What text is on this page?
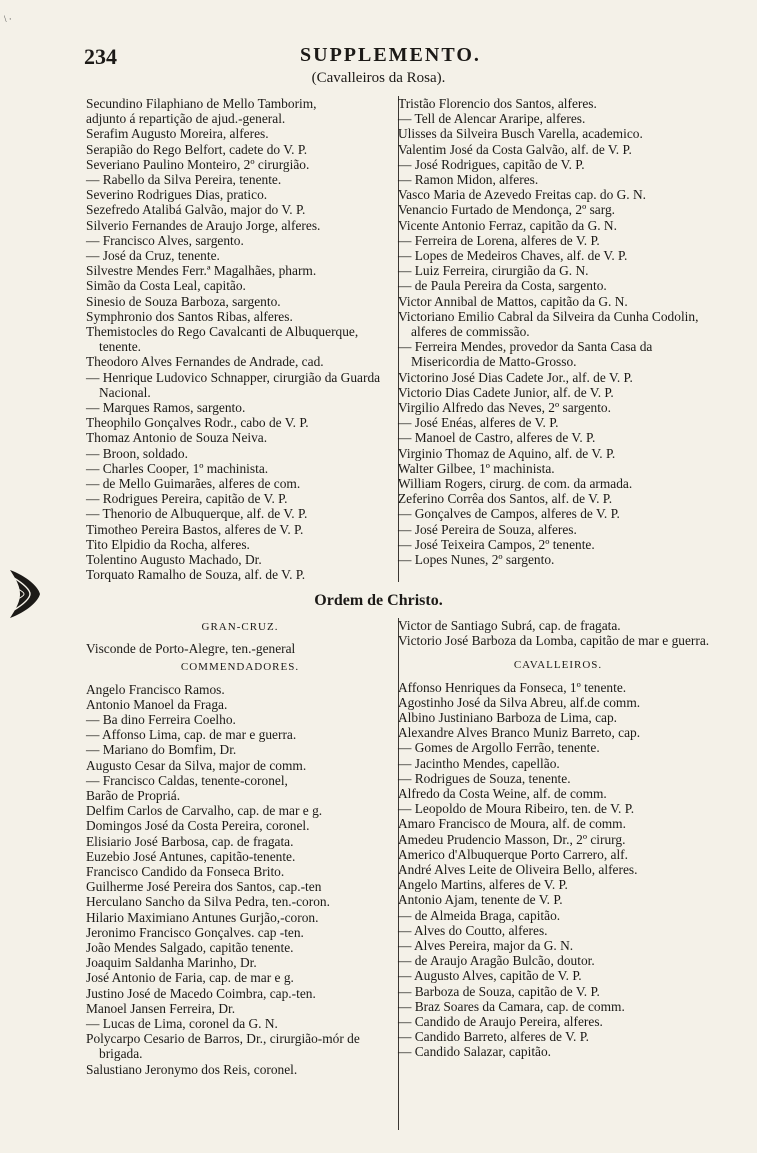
\ ·
234	SUPPLEMENTO.
(Cavalleiros da Rosa).
Secundino Filaphiano de Mello Tamborim,
adjunto á repartição de ajud.-general.
Serafim Augusto Moreira, alferes.
Serapião do Rego Belfort, cadete do V. P.
Severiano Paulino Monteiro, 2º cirurgião.
— Rabello da Silva Pereira, tenente.
Severino Rodrigues Dias, pratico.
Sezefredo Atalibá Galvão, major do V. P.
Silverio Fernandes de Araujo Jorge, alferes.
— Francisco Alves, sargento.
— José da Cruz, tenente.
Silvestre Mendes Ferr.ª Magalhães, pharm.
Simão da Costa Leal, capitão.
Sinesio de Souza Barboza, sargento.
Symphronio dos Santos Ribas, alferes.
Themistocles do Rego Cavalcanti de Albuquerque, tenente.
Theodoro Alves Fernandes de Andrade, cad.
— Henrique Ludovico Schnapper, cirurgião da Guarda Nacional.
— Marques Ramos, sargento.
Theophilo Gonçalves Rodr., cabo de V. P.
Thomaz Antonio de Souza Neiva.
— Broon, soldado.
— Charles Cooper, 1º machinista.
— de Mello Guimarães, alferes de com.
— Rodrigues Pereira, capitão de V. P.
— Thenorio de Albuquerque, alf. de V. P.
Timotheo Pereira Bastos, alferes de V. P.
Tito Elpidio da Rocha, alferes.
Tolentino Augusto Machado, Dr.
Torquato Ramalho de Souza, alf. de V. P.
Tristão Florencio dos Santos, alferes.
— Tell de Alencar Araripe, alferes.
Ulisses da Silveira Busch Varella, academico.
Valentim José da Costa Galvão, alf. de V. P.
— José Rodrigues, capitão de V. P.
— Ramon Midon, alferes.
Vasco Maria de Azevedo Freitas cap. do G. N.
Venancio Furtado de Mendonça, 2º sarg.
Vicente Antonio Ferraz, capitão da G. N.
— Ferreira de Lorena, alferes de V. P.
— Lopes de Medeiros Chaves, alf. de V. P.
— Luiz Ferreira, cirurgião da G. N.
— de Paula Pereira da Costa, sargento.
Victor Annibal de Mattos, capitão da G. N.
Victoriano Emilio Cabral da Silveira da Cunha Codolin, alferes de commissão.
— Ferreira Mendes, provedor da Santa Casa da Misericordia de Matto-Grosso.
Victorino José Dias Cadete Jor., alf. de V. P.
Victorio Dias Cadete Junior, alf. de V. P.
Virgilio Alfredo das Neves, 2º sargento.
— José Enéas, alferes de V. P.
— Manoel de Castro, alferes de V. P.
Virginio Thomaz de Aquino, alf. de V. P.
Walter Gilbee, 1º machinista.
William Rogers, cirurg. de com. da armada.
Zeferino Corrêa dos Santos, alf. de V. P.
— Gonçalves de Campos, alferes de V. P.
— José Pereira de Souza, alferes.
— José Teixeira Campos, 2º tenente.
— Lopes Nunes, 2º sargento.
Ordem de Christo.
GRAN-CRUZ.
Visconde de Porto-Alegre, ten.-general
COMMENDADORES.
Angelo Francisco Ramos.
Antonio Manoel da Fraga.
— Ba dino Ferreira Coelho.
— Affonso Lima, cap. de mar e guerra.
— Mariano do Bomfim, Dr.
Augusto Cesar da Silva, major de comm.
— Francisco Caldas, tenente-coronel,
Barão de Propriá.
Delfim Carlos de Carvalho, cap. de mar e g.
Domingos José da Costa Pereira, coronel.
Elisiario José Barbosa, cap. de fragata.
Euzebio José Antunes, capitão-tenente.
Francisco Candido da Fonseca Brito.
Guilherme José Pereira dos Santos, cap.-ten
Herculano Sancho da Silva Pedra, ten.-coron.
Hilario Maximiano Antunes Gurjão,-coron.
Jeronimo Francisco Gonçalves. cap -ten.
João Mendes Salgado, capitão tenente.
Joaquim Saldanha Marinho, Dr.
José Antonio de Faria, cap. de mar e g.
Justino José de Macedo Coimbra, cap.-ten.
Manoel Jansen Ferreira, Dr.
— Lucas de Lima, coronel da G. N.
Polycarpo Cesario de Barros, Dr., cirurgião-mór de brigada.
Salustiano Jeronymo dos Reis, coronel.
Victor de Santiago Subrá, cap. de fragata.
Victorio José Barboza da Lomba, capitão de mar e guerra.
CAVALLEIROS.
Affonso Henriques da Fonseca, 1º tenente.
Agostinho José da Silva Abreu, alf.de comm.
Albino Justiniano Barboza de Lima, cap.
Alexandre Alves Branco Muniz Barreto, cap.
— Gomes de Argollo Ferrão, tenente.
— Jacintho Mendes, capellão.
— Rodrigues de Souza, tenente.
Alfredo da Costa Weine, alf. de comm.
— Leopoldo de Moura Ribeiro, ten. de V. P.
Amaro Francisco de Moura, alf. de comm.
Amedeu Prudencio Masson, Dr., 2º cirurg.
Americo d'Albuquerque Porto Carrero, alf.
André Alves Leite de Oliveira Bello, alferes.
Angelo Martins, alferes de V. P.
Antonio Ajam, tenente de V. P.
— de Almeida Braga, capitão.
— Alves do Coutto, alferes.
— Alves Pereira, major da G. N.
— de Araujo Aragão Bulcão, doutor.
— Augusto Alves, capitão de V. P.
— Barboza de Souza, capitão de V. P.
— Braz Soares da Camara, cap. de comm.
— Candido de Araujo Pereira, alferes.
— Candido Barreto, alferes de V. P.
— Candido Salazar, capitão.
